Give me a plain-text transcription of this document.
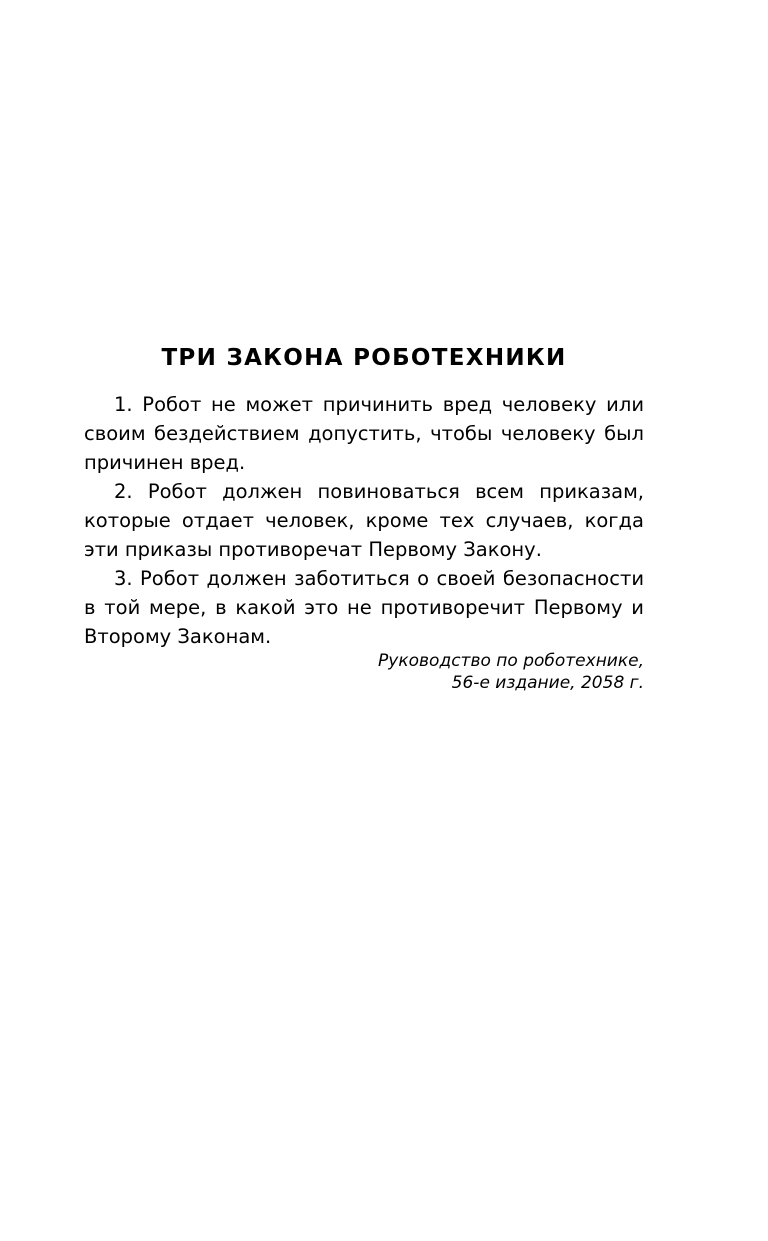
ТРИ ЗАКОНА РОБОТЕХНИКИ

1. Робот не может причинить вред человеку или своим бездействием допустить, чтобы человеку был причинен вред.

2. Робот должен повиноваться всем приказам, которые отдает человек, кроме тех случаев, когда эти приказы противоречат Первому Закону.

3. Робот должен заботиться о своей безопасности в той мере, в какой это не противоречит Первому и Второму Законам.

Руководство по роботехнике,
56-е издание, 2058 г.
